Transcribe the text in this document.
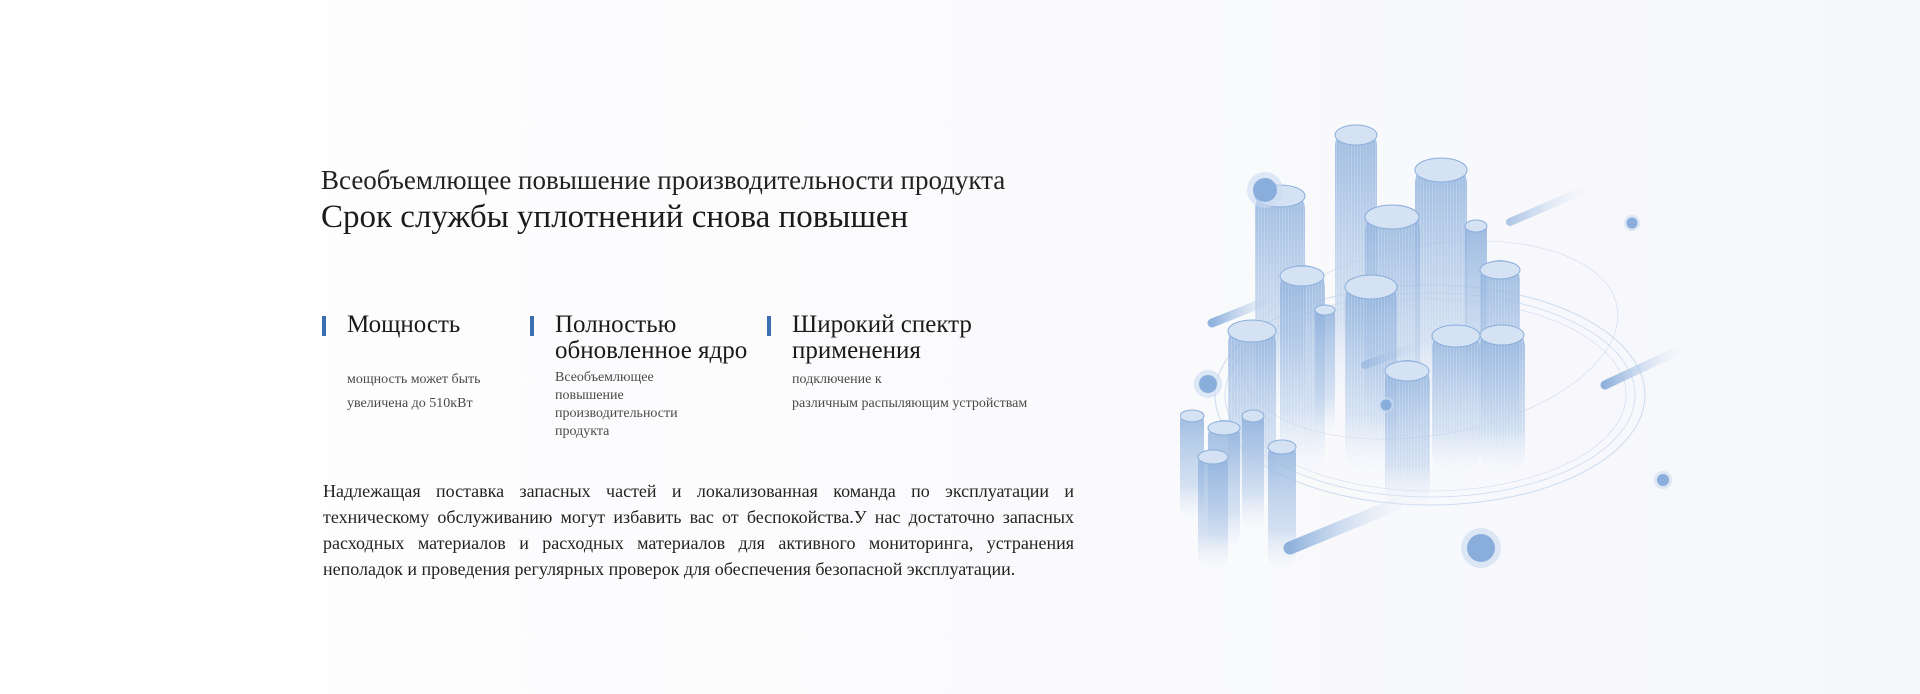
Всеобъемлющее повышение производительности продукта
Срок службы уплотнений снова повышен
Мощность
мощность может быть увеличена до 510кВт
Полностью обновленное ядро
Всеобъемлющее повышение производительности продукта
Широкий спектр применения
подключение к
различным распыляющим устройствам
Надлежащая поставка запасных частей и локализованная команда по эксплуатации и техническому обслуживанию могут избавить вас от беспокойства.У нас достаточно запасных расходных материалов и расходных материалов для активного мониторинга, устранения неполадок и проведения регулярных проверок для обеспечения безопасной эксплуатации.
